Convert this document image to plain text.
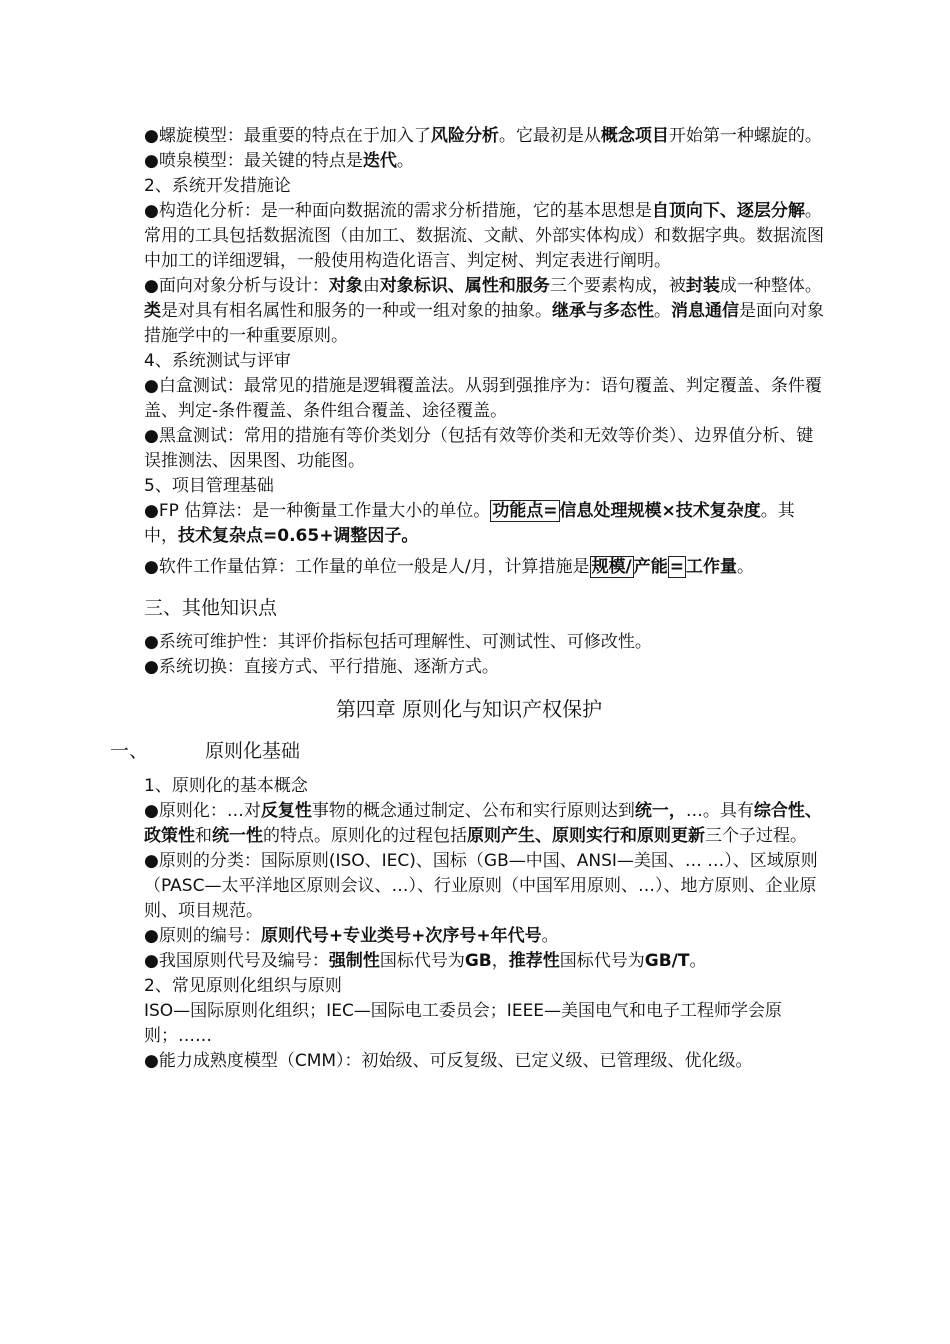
●螺旋模型：最重要的特点在于加入了风险分析。它最初是从概念项目开始第一种螺旋的。

●喷泉模型：最关键的特点是迭代。

2、系统开发措施论

●构造化分析：是一种面向数据流的需求分析措施，它的基本思想是自顶向下、逐层分解。常用的工具包括数据流图（由加工、数据流、文献、外部实体构成）和数据字典。数据流图中加工的详细逻辑，一般使用构造化语言、判定树、判定表进行阐明。

●面向对象分析与设计：对象由对象标识、属性和服务三个要素构成，被封装成一种整体。类是对具有相名属性和服务的一种或一组对象的抽象。继承与多态性。消息通信是面向对象措施学中的一种重要原则。

4、系统测试与评审

●白盒测试：最常见的措施是逻辑覆盖法。从弱到强推序为：语句覆盖、判定覆盖、条件覆盖、判定-条件覆盖、条件组合覆盖、途径覆盖。

●黑盒测试：常用的措施有等价类划分（包括有效等价类和无效等价类）、边界值分析、键误推测法、因果图、功能图。

5、项目管理基础

●FP 估算法：是一种衡量工作量大小的单位。 功能点= 信息处理规模×技术复杂度。其中，技术复杂点=0.65+调整因子。

●软件工作量估算：工作量的单位一般是人/月，计算措施是 规模/ 产能 = 工作量。

三、其他知识点

●系统可维护性：其评价指标包括可理解性、可测试性、可修改性。

●系统切换：直接方式、平行措施、逐渐方式。

第四章 原则化与知识产权保护

一、	原则化基础

1、原则化的基本概念

●原则化：…对反复性事物的概念通过制定、公布和实行原则达到统一，…。具有综合性、政策性和统一性的特点。原则化的过程包括原则产生、原则实行和原则更新三个子过程。

●原则的分类：国际原则(ISO、IEC)、国标（GB—中国、ANSI—美国、… …）、区域原则（PASC—太平洋地区原则会议、…）、行业原则（中国军用原则、…）、地方原则、企业原则、项目规范。

●原则的编号：原则代号+专业类号+次序号+年代号。

●我国原则代号及编号：强制性国标代号为GB，推荐性国标代号为GB/T。

2、常见原则化组织与原则

ISO—国际原则化组织；IEC—国际电工委员会；IEEE—美国电气和电子工程师学会原则；……

●能力成熟度模型（CMM）：初始级、可反复级、已定义级、已管理级、优化级。
